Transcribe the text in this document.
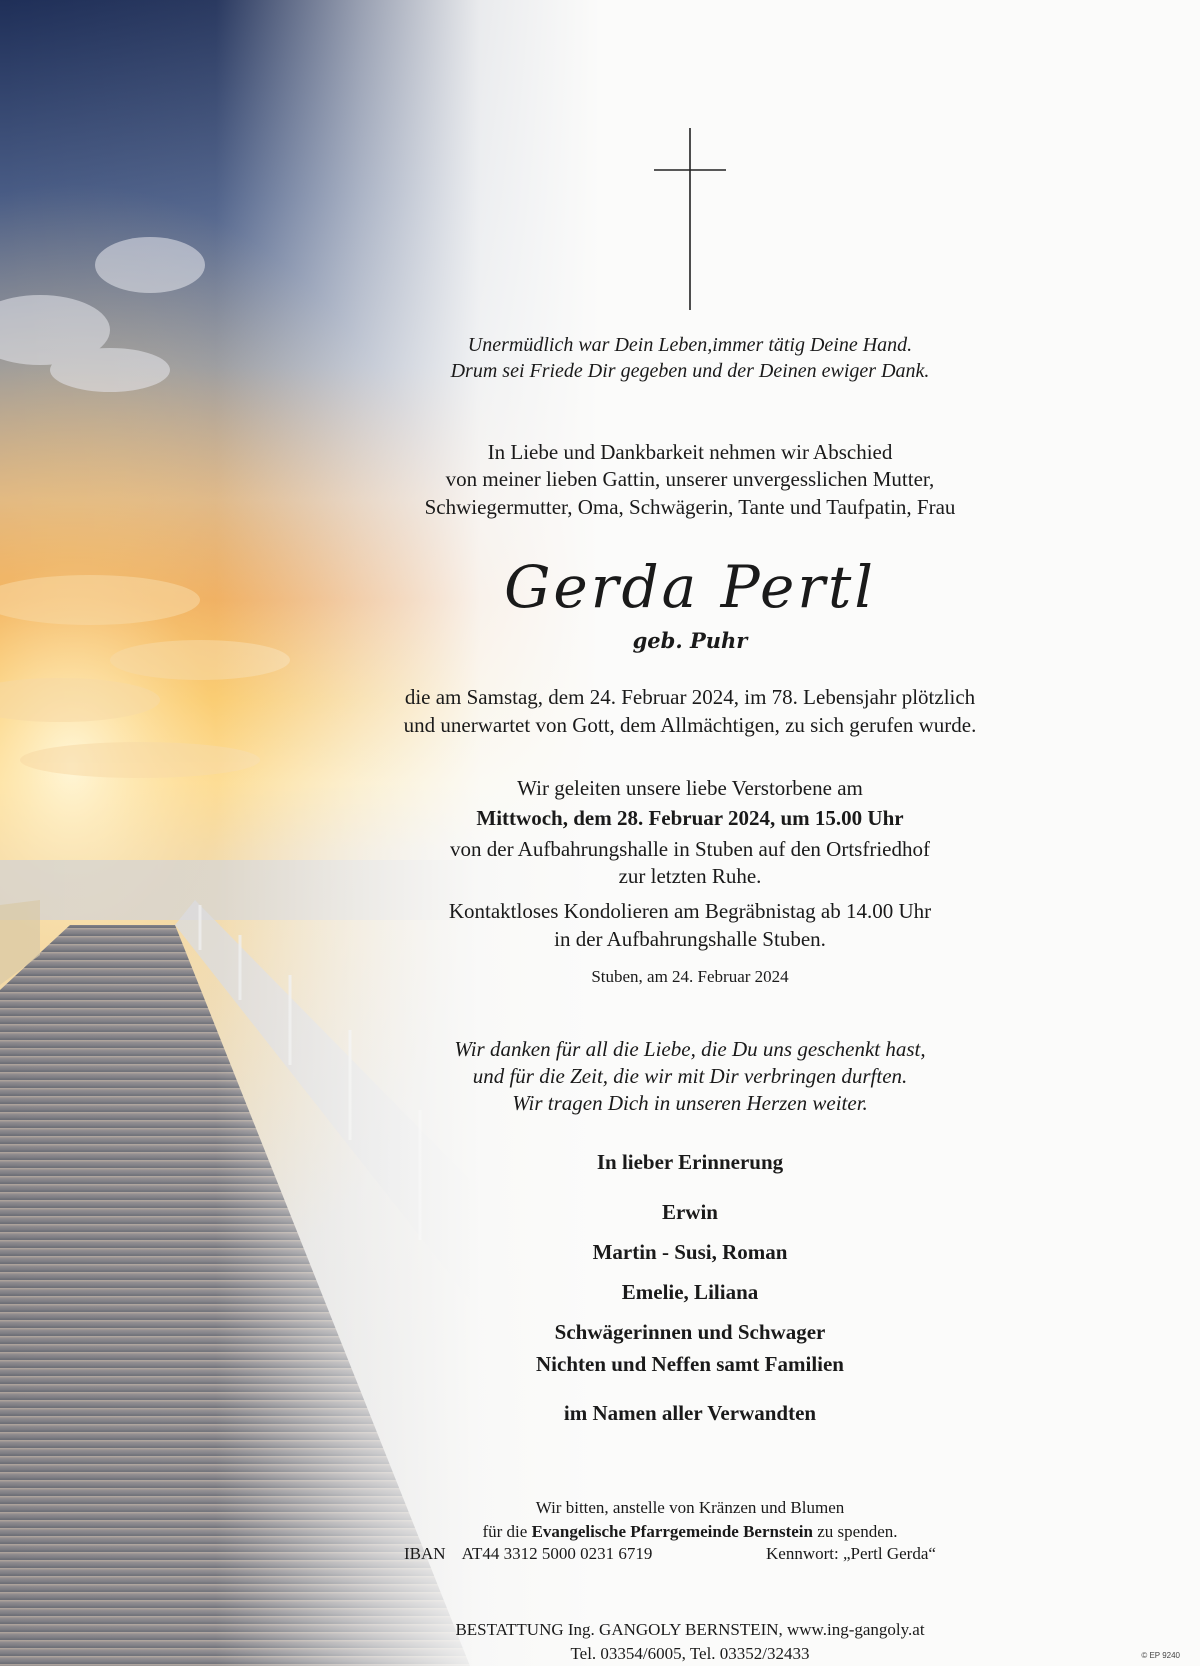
Unermüdlich war Dein Leben,immer tätig Deine Hand.
Drum sei Friede Dir gegeben und der Deinen ewiger Dank.
In Liebe und Dankbarkeit nehmen wir Abschied
von meiner lieben Gattin, unserer unvergesslichen Mutter,
Schwiegermutter, Oma, Schwägerin, Tante und Taufpatin, Frau
Gerda Pertl
geb. Puhr
die am Samstag, dem 24. Februar 2024, im 78. Lebensjahr plötzlich
und unerwartet von Gott, dem Allmächtigen, zu sich gerufen wurde.
Wir geleiten unsere liebe Verstorbene am
Mittwoch, dem 28. Februar 2024, um 15.00 Uhr
von der Aufbahrungshalle in Stuben auf den Ortsfriedhof
zur letzten Ruhe.
Kontaktloses Kondolieren am Begräbnistag ab 14.00 Uhr
in der Aufbahrungshalle Stuben.
Stuben, am 24. Februar 2024
Wir danken für all die Liebe, die Du uns geschenkt hast,
und für die Zeit, die wir mit Dir verbringen durften.
Wir tragen Dich in unseren Herzen weiter.
In lieber Erinnerung
Erwin
Martin - Susi, Roman
Emelie, Liliana
Schwägerinnen und Schwager
Nichten und Neffen samt Familien
im Namen aller Verwandten
Wir bitten, anstelle von Kränzen und Blumen
für die Evangelische Pfarrgemeinde Bernstein zu spenden.
IBAN    AT44 3312 5000 0231 6719	Kennwort: „Pertl Gerda“
BESTATTUNG Ing. GANGOLY BERNSTEIN, www.ing-gangoly.at
Tel. 03354/6005, Tel. 03352/32433	© EP 9240
